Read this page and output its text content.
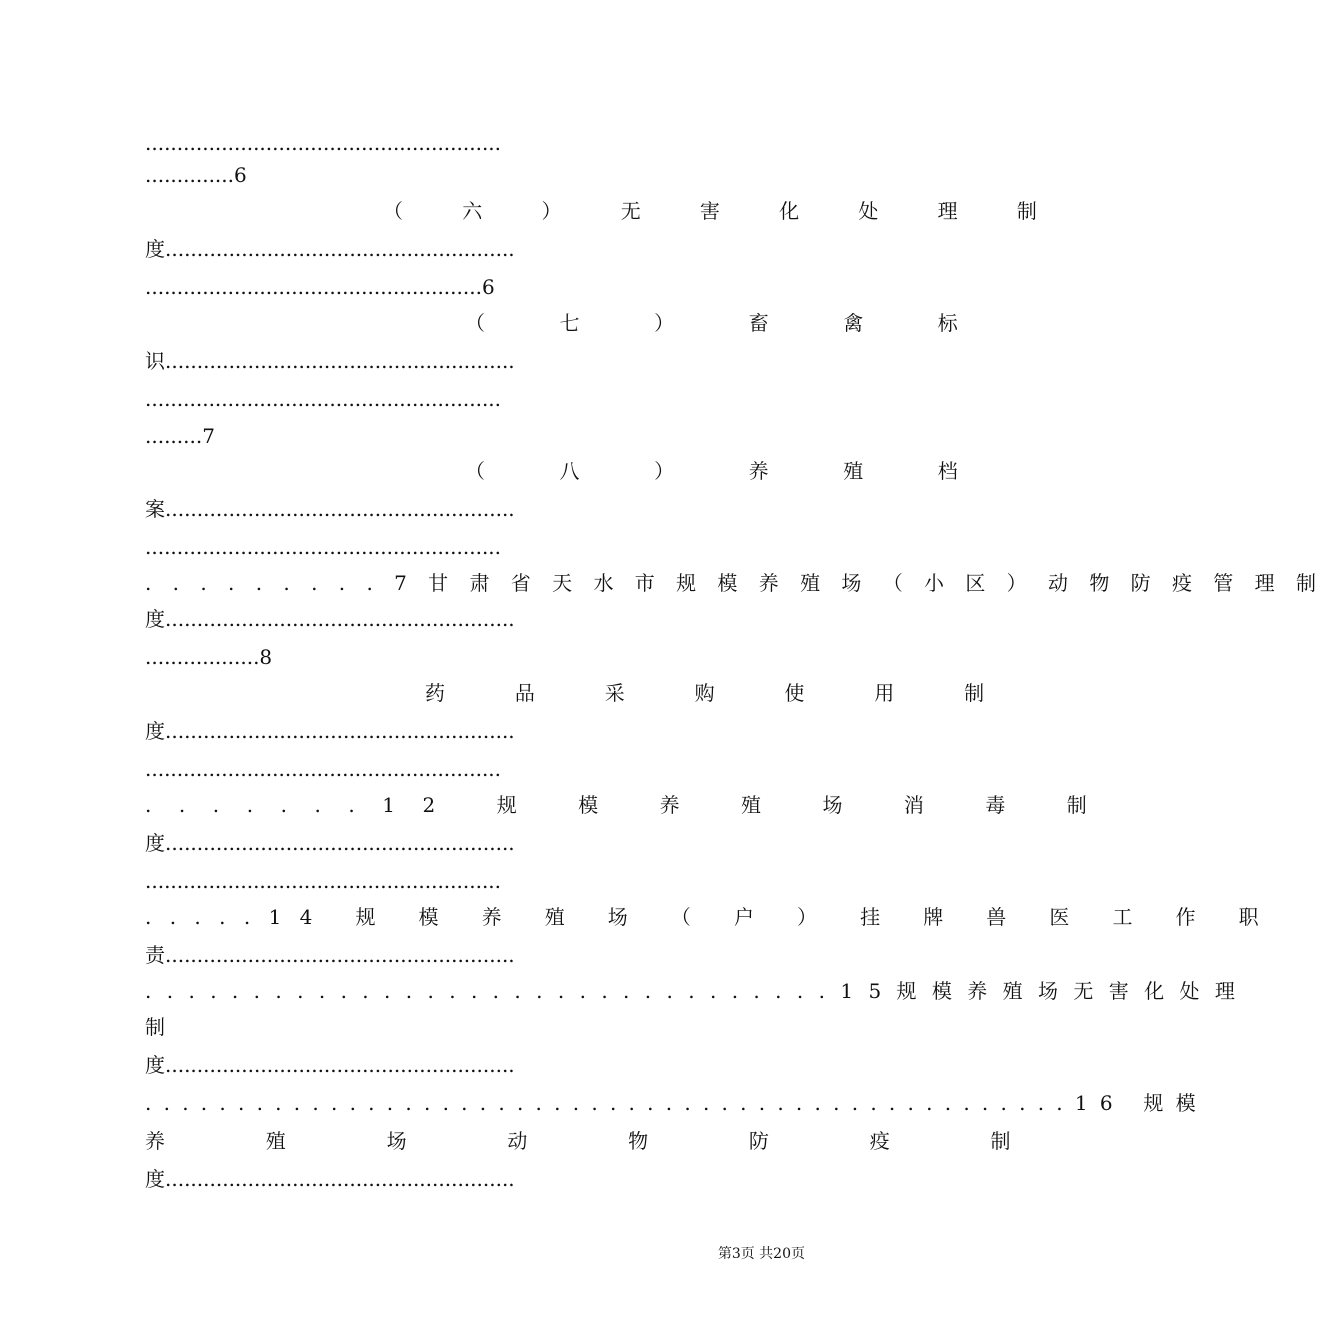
........................................................
..............6
（ 六 ） 无 害 化 处 理 制
度.......................................................
.....................................................6
（ 七 ） 畜 禽 标
识.......................................................
........................................................
.........7
（ 八 ） 养 殖 档
案.......................................................
........................................................
.........7甘肃省天水市规模养殖场（小区）动物防疫管理制
度.......................................................
..................8
药 品 采 购 使 用 制
度.......................................................
........................................................
.......12 规 模 养 殖 场 消 毒 制
度.......................................................
........................................................
.....14 规 模 养 殖 场 （ 户 ） 挂 牌 兽 医 工 作 职
责.......................................................
................................15规模养殖场无害化处理
制
度.......................................................
..................................................16 规模
养 殖 场 动 物 防 疫 制
度.......................................................
第3页 共20页
